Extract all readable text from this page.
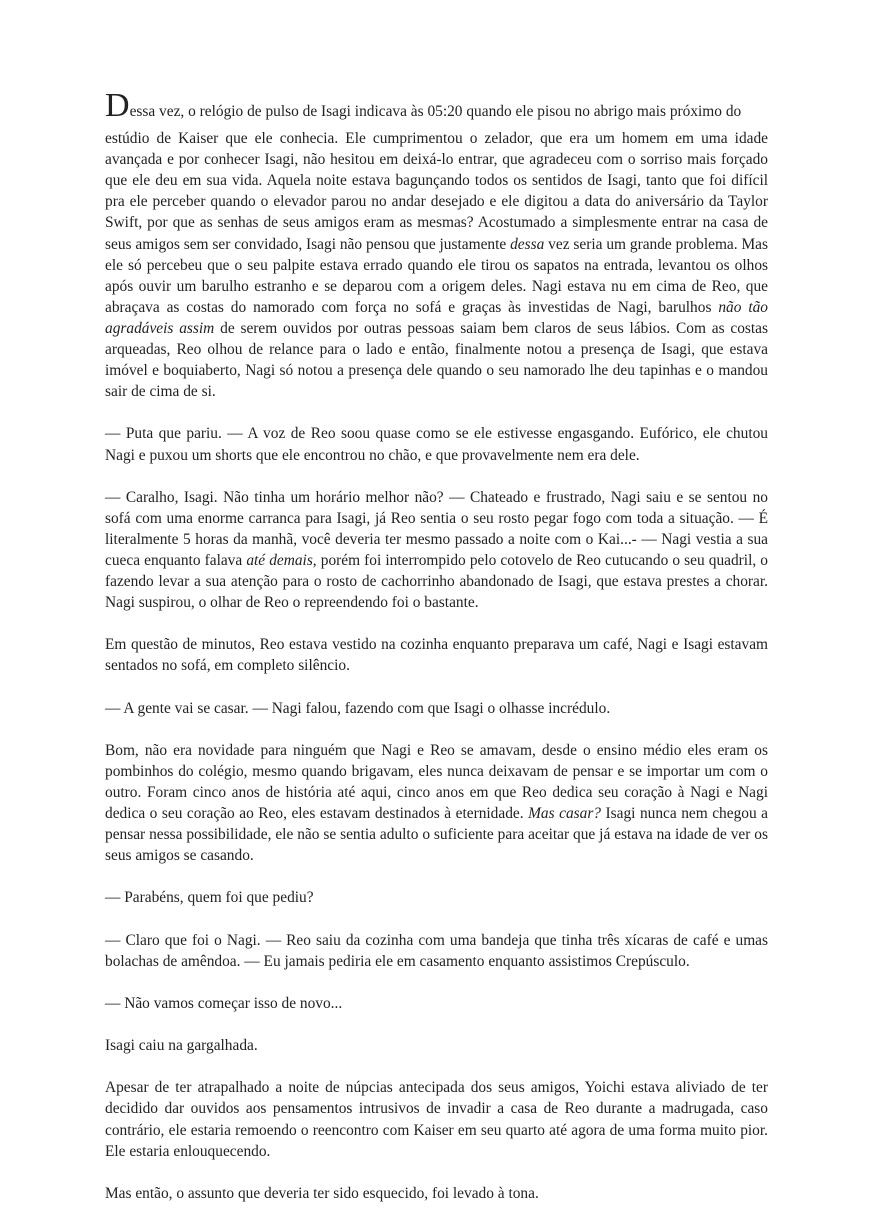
Dessa vez, o relógio de pulso de Isagi indicava às 05:20 quando ele pisou no abrigo mais próximo do

estúdio de Kaiser que ele conhecia. Ele cumprimentou o zelador, que era um homem em uma idade avançada e por conhecer Isagi, não hesitou em deixá-lo entrar, que agradeceu com o sorriso mais forçado que ele deu em sua vida. Aquela noite estava bagunçando todos os sentidos de Isagi, tanto que foi difícil pra ele perceber quando o elevador parou no andar desejado e ele digitou a data do aniversário da Taylor Swift, por que as senhas de seus amigos eram as mesmas? Acostumado a simplesmente entrar na casa de seus amigos sem ser convidado, Isagi não pensou que justamente dessa vez seria um grande problema. Mas ele só percebeu que o seu palpite estava errado quando ele tirou os sapatos na entrada, levantou os olhos após ouvir um barulho estranho e se deparou com a origem deles. Nagi estava nu em cima de Reo, que abraçava as costas do namorado com força no sofá e graças às investidas de Nagi, barulhos não tão agradáveis assim de serem ouvidos por outras pessoas saiam bem claros de seus lábios. Com as costas arqueadas, Reo olhou de relance para o lado e então, finalmente notou a presença de Isagi, que estava imóvel e boquiaberto, Nagi só notou a presença dele quando o seu namorado lhe deu tapinhas e o mandou sair de cima de si.

— Puta que pariu. — A voz de Reo soou quase como se ele estivesse engasgando. Eufórico, ele chutou Nagi e puxou um shorts que ele encontrou no chão, e que provavelmente nem era dele.

— Caralho, Isagi. Não tinha um horário melhor não? — Chateado e frustrado, Nagi saiu e se sentou no sofá com uma enorme carranca para Isagi, já Reo sentia o seu rosto pegar fogo com toda a situação. — É literalmente 5 horas da manhã, você deveria ter mesmo passado a noite com o Kai...- — Nagi vestia a sua cueca enquanto falava até demais, porém foi interrompido pelo cotovelo de Reo cutucando o seu quadril, o fazendo levar a sua atenção para o rosto de cachorrinho abandonado de Isagi, que estava prestes a chorar. Nagi suspirou, o olhar de Reo o repreendendo foi o bastante.

Em questão de minutos, Reo estava vestido na cozinha enquanto preparava um café, Nagi e Isagi estavam sentados no sofá, em completo silêncio.

— A gente vai se casar. — Nagi falou, fazendo com que Isagi o olhasse incrédulo.

Bom, não era novidade para ninguém que Nagi e Reo se amavam, desde o ensino médio eles eram os pombinhos do colégio, mesmo quando brigavam, eles nunca deixavam de pensar e se importar um com o outro. Foram cinco anos de história até aqui, cinco anos em que Reo dedica seu coração à Nagi e Nagi dedica o seu coração ao Reo, eles estavam destinados à eternidade. Mas casar? Isagi nunca nem chegou a pensar nessa possibilidade, ele não se sentia adulto o suficiente para aceitar que já estava na idade de ver os seus amigos se casando.

— Parabéns, quem foi que pediu?

— Claro que foi o Nagi. — Reo saiu da cozinha com uma bandeja que tinha três xícaras de café e umas bolachas de amêndoa. — Eu jamais pediria ele em casamento enquanto assistimos Crepúsculo.

— Não vamos começar isso de novo...

Isagi caiu na gargalhada.

Apesar de ter atrapalhado a noite de núpcias antecipada dos seus amigos, Yoichi estava aliviado de ter decidido dar ouvidos aos pensamentos intrusivos de invadir a casa de Reo durante a madrugada, caso contrário, ele estaria remoendo o reencontro com Kaiser em seu quarto até agora de uma forma muito pior. Ele estaria enlouquecendo.

Mas então, o assunto que deveria ter sido esquecido, foi levado à tona.
